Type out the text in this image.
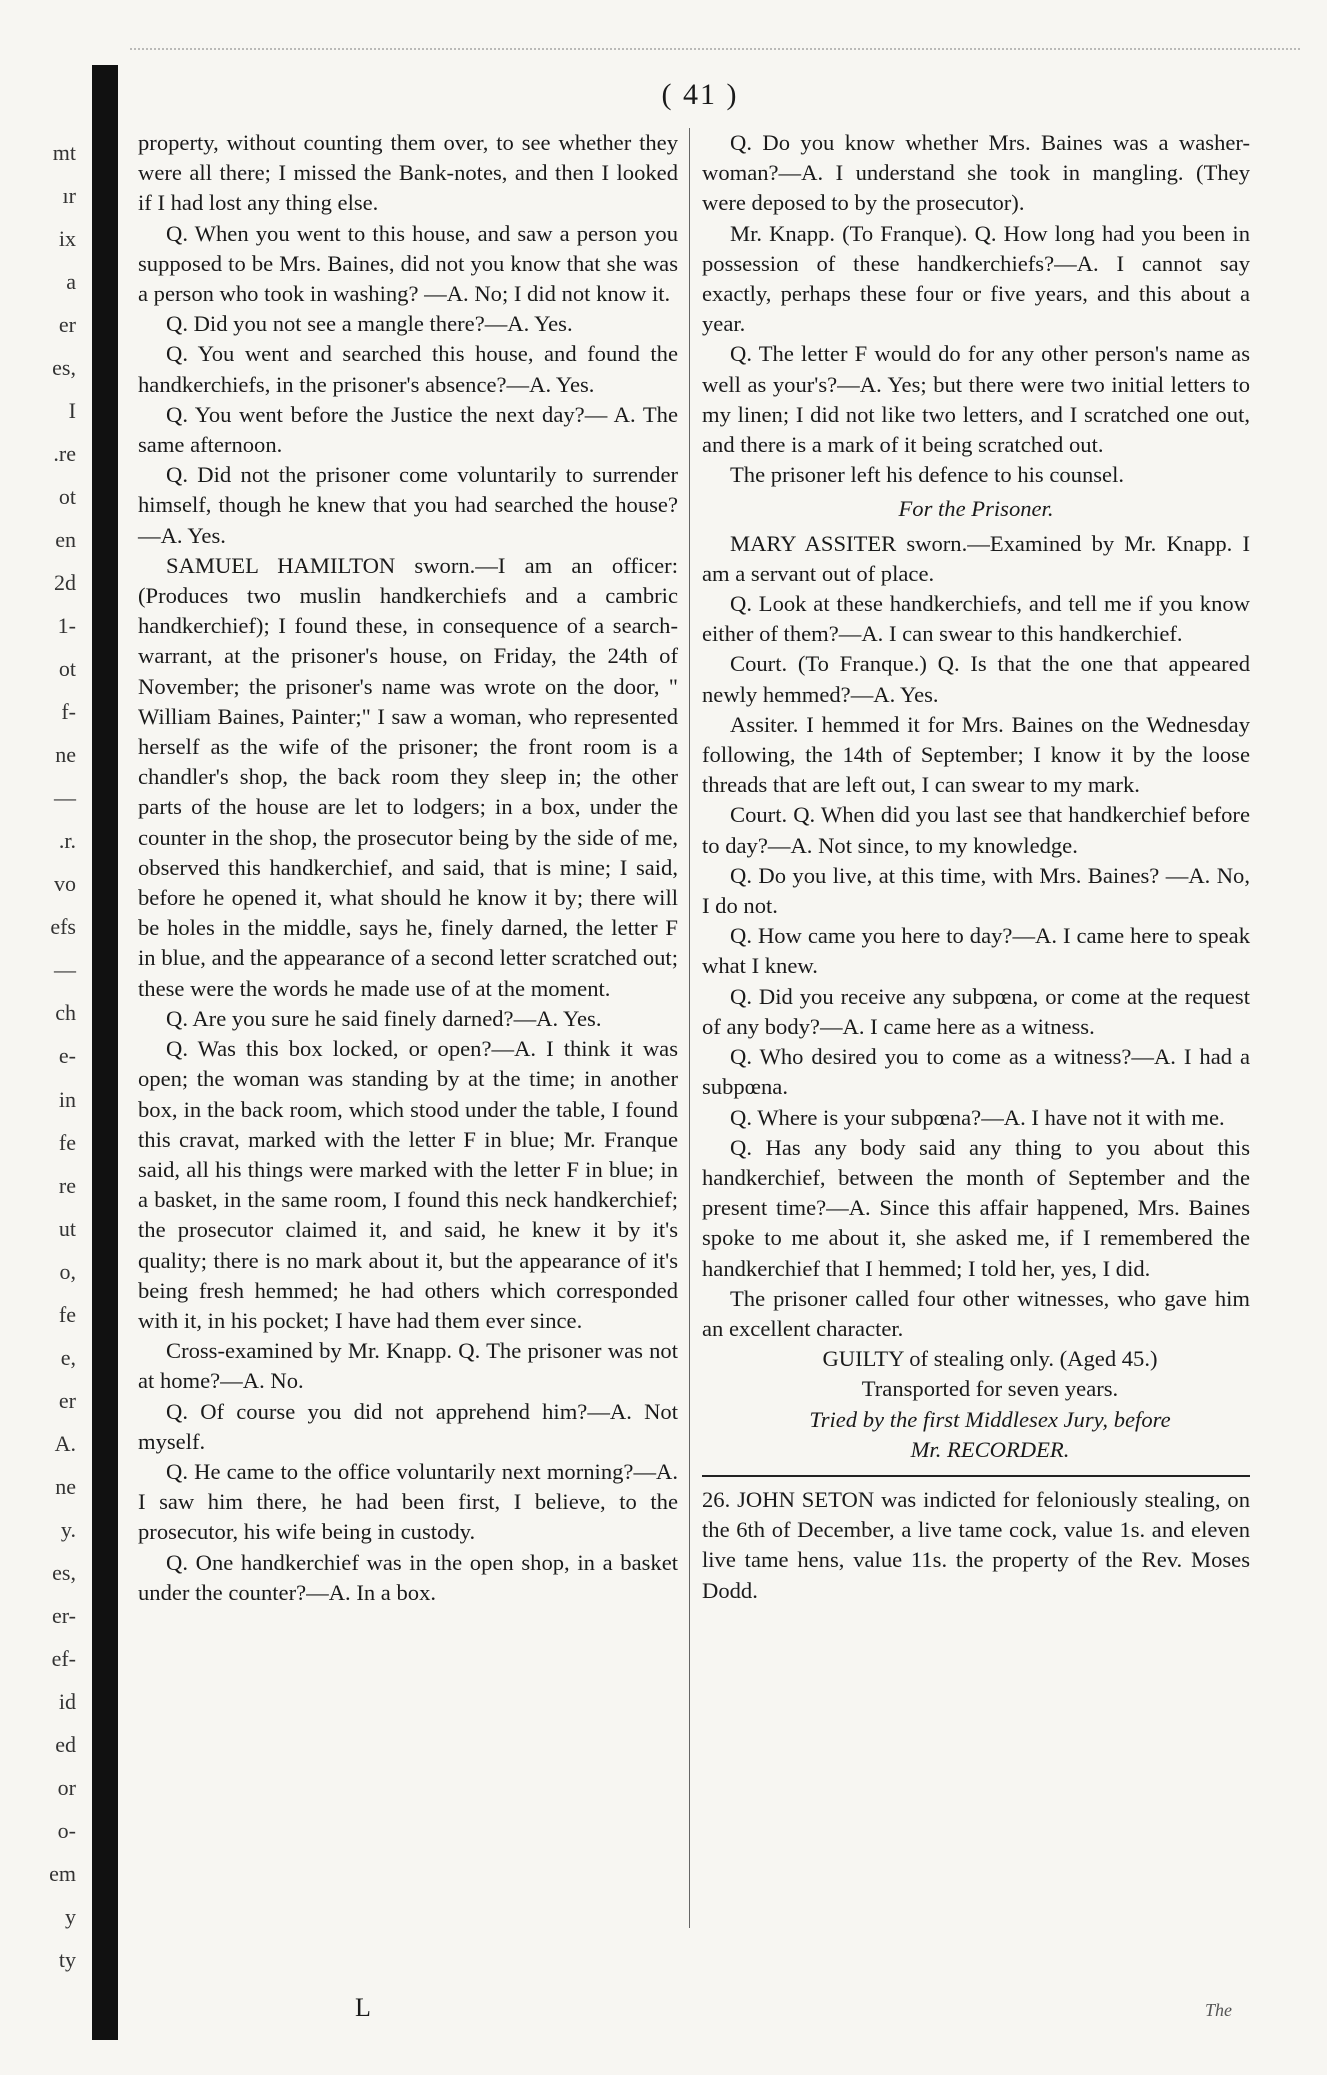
mt
ır
ix
a
er
es,
I
.re
ot
en
2d
1-
ot
f-
ne
—
.r.
vo
efs
—
ch
e-
in
fe
re
ut
o,
fe
e,
er
A.
ne
y.
es,
er-
ef-
id
ed
or
o-
em
y
ty
( 41 )

property, without counting them over, to see whether they were all there; I missed the Bank-notes, and then I looked if I had lost any thing else.

Q. When you went to this house, and saw a person you supposed to be Mrs. Baines, did not you know that she was a person who took in washing? —A. No; I did not know it.

Q. Did you not see a mangle there?—A. Yes.

Q. You went and searched this house, and found the handkerchiefs, in the prisoner's absence?—A. Yes.

Q. You went before the Justice the next day?— A. The same afternoon.

Q. Did not the prisoner come voluntarily to surrender himself, though he knew that you had searched the house?—A. Yes.

SAMUEL HAMILTON sworn.—I am an officer: (Produces two muslin handkerchiefs and a cambric handkerchief); I found these, in consequence of a search-warrant, at the prisoner's house, on Friday, the 24th of November; the prisoner's name was wrote on the door, " William Baines, Painter;" I saw a woman, who represented herself as the wife of the prisoner; the front room is a chandler's shop, the back room they sleep in; the other parts of the house are let to lodgers; in a box, under the counter in the shop, the prosecutor being by the side of me, observed this handkerchief, and said, that is mine; I said, before he opened it, what should he know it by; there will be holes in the middle, says he, finely darned, the letter F in blue, and the appearance of a second letter scratched out; these were the words he made use of at the moment.

Q. Are you sure he said finely darned?—A. Yes.

Q. Was this box locked, or open?—A. I think it was open; the woman was standing by at the time; in another box, in the back room, which stood under the table, I found this cravat, marked with the letter F in blue; Mr. Franque said, all his things were marked with the letter F in blue; in a basket, in the same room, I found this neck handkerchief; the prosecutor claimed it, and said, he knew it by it's quality; there is no mark about it, but the appearance of it's being fresh hemmed; he had others which corresponded with it, in his pocket; I have had them ever since.

Cross-examined by Mr. Knapp. Q. The prisoner was not at home?—A. No.

Q. Of course you did not apprehend him?—A. Not myself.

Q. He came to the office voluntarily next morning?—A. I saw him there, he had been first, I believe, to the prosecutor, his wife being in custody.

Q. One handkerchief was in the open shop, in a basket under the counter?—A. In a box.

Q. Do you know whether Mrs. Baines was a washer-woman?—A. I understand she took in mangling. (They were deposed to by the prosecutor).

Mr. Knapp. (To Franque). Q. How long had you been in possession of these handkerchiefs?—A. I cannot say exactly, perhaps these four or five years, and this about a year.

Q. The letter F would do for any other person's name as well as your's?—A. Yes; but there were two initial letters to my linen; I did not like two letters, and I scratched one out, and there is a mark of it being scratched out.

The prisoner left his defence to his counsel.

For the Prisoner.

MARY ASSITER sworn.—Examined by Mr. Knapp. I am a servant out of place.

Q. Look at these handkerchiefs, and tell me if you know either of them?—A. I can swear to this handkerchief.

Court. (To Franque.) Q. Is that the one that appeared newly hemmed?—A. Yes.

Assiter. I hemmed it for Mrs. Baines on the Wednesday following, the 14th of September; I know it by the loose threads that are left out, I can swear to my mark.

Court. Q. When did you last see that handkerchief before to day?—A. Not since, to my knowledge.

Q. Do you live, at this time, with Mrs. Baines? —A. No, I do not.

Q. How came you here to day?—A. I came here to speak what I knew.

Q. Did you receive any subpœna, or come at the request of any body?—A. I came here as a witness.

Q. Who desired you to come as a witness?—A. I had a subpœna.

Q. Where is your subpœna?—A. I have not it with me.

Q. Has any body said any thing to you about this handkerchief, between the month of September and the present time?—A. Since this affair happened, Mrs. Baines spoke to me about it, she asked me, if I remembered the handkerchief that I hemmed; I told her, yes, I did.

The prisoner called four other witnesses, who gave him an excellent character.

GUILTY of stealing only. (Aged 45.)

Transported for seven years.

Tried by the first Middlesex Jury, before

Mr. RECORDER.

26. JOHN SETON was indicted for feloniously stealing, on the 6th of December, a live tame cock, value 1s. and eleven live tame hens, value 11s. the property of the Rev. Moses Dodd.

L	The
